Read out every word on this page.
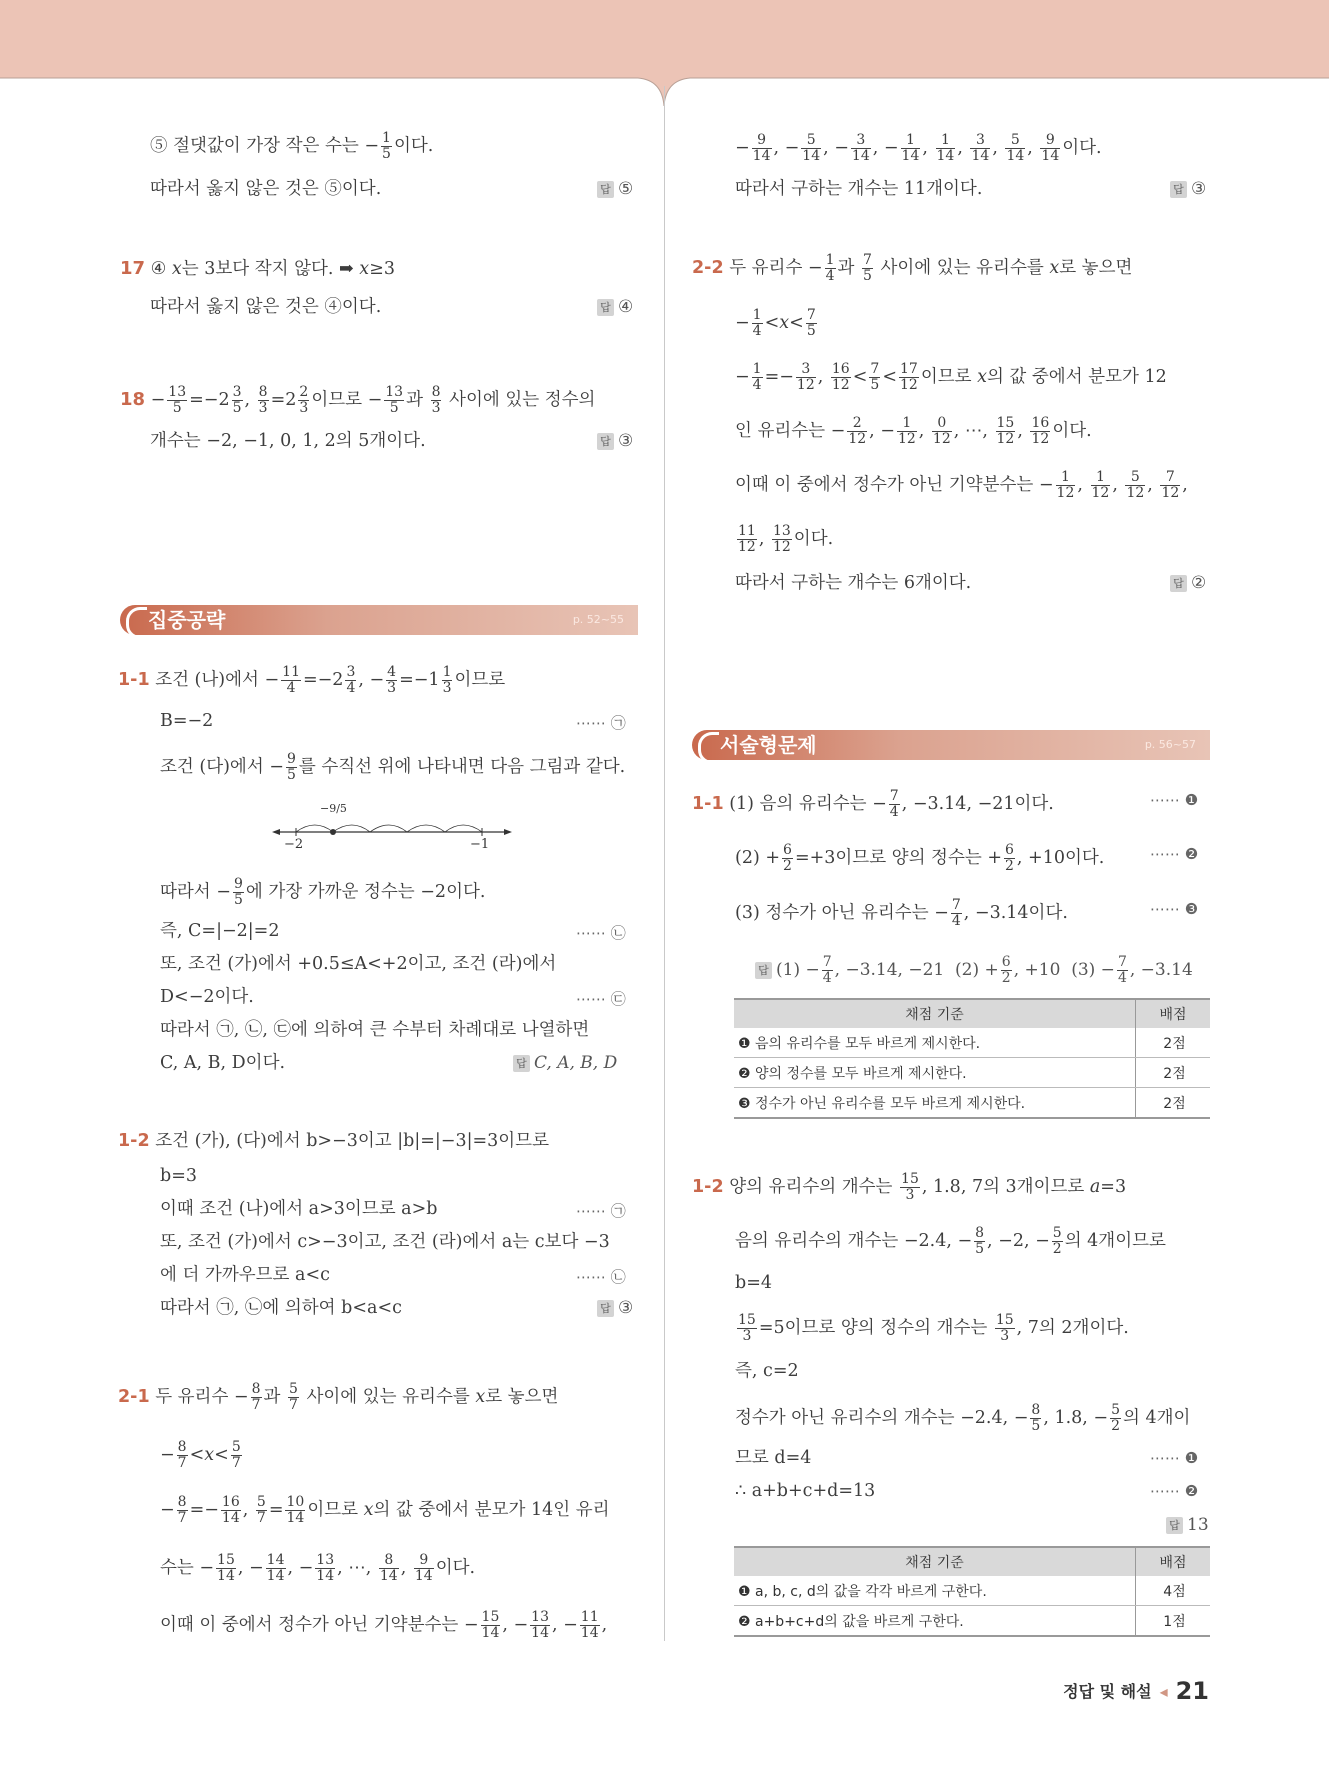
⑤ 절댓값이 가장 작은 수는 − $\frac{1}{5}$ 이다.
따라서 옳지 않은 것은 ⑤이다.	답 ⑤
17 ④ x는 3보다 작지 않다. ➡ x≥3
따라서 옳지 않은 것은 ④이다.	답 ④
$18 - \frac{13}{5} =-2 \frac{3}{5}$ , $\frac{8}{3} =2 \frac{2}{3}$ 이므로 − $\frac{13}{5}$ 과 $\frac{8}{3}$ 사이에 있는 정수의
개수는 −2, −1, 0, 1, 2의 5개이다.	답 ③
집중공략	p. 52~55
1-1 조건 (나)에서 − $\frac{11}{4} =-2 \frac{3}{4}$ , − $\frac{4}{3} =-1 \frac{1}{3}$ 이므로
B=−2	⋯⋯ ㉠
조건 (다)에서 − $\frac{9}{5}$ 를 수직선 위에 나타내면 다음 그림과 같다.
−2	−1
−9/5
따라서 − $\frac{9}{5}$ 에 가장 가까운 정수는 −2이다.
즉, C=|−2|=2	⋯⋯ ㉡
또, 조건 (가)에서 +0.5≤A<+2이고, 조건 (라)에서
D<−2이다.	⋯⋯ ㉢
따라서 ㉠, ㉡, ㉢에 의하여 큰 수부터 차례대로 나열하면
C, A, B, D이다.	답 C, A, B, D
1-2 조건 (가), (다)에서 b>−3이고 |b|=|−3|=3이므로
b=3
이때 조건 (나)에서 a>3이므로 a>b	⋯⋯ ㉠
또, 조건 (가)에서 c>−3이고, 조건 (라)에서 a는 c보다 −3
에 더 가까우므로 a<c	⋯⋯ ㉡
따라서 ㉠, ㉡에 의하여 b<a<c	답 ③
2-1 두 유리수 − $\frac{8}{7}$ 과 $\frac{5}{7}$ 사이에 있는 유리수를 x로 놓으면
− $\frac{8}{7} <x< \frac{5}{7}$
− $\frac{8}{7} =- \frac{16}{14}$ , $\frac{5}{7} = \frac{10}{14}$ 이므로 x의 값 중에서 분모가 14인 유리
수는 − $\frac{15}{14}$ , − $\frac{14}{14}$ , − $\frac{13}{14}$ , ⋯, $\frac{8}{14}$ , $\frac{9}{14}$ 이다.
이때 이 중에서 정수가 아닌 기약분수는 − $\frac{15}{14}$ , − $\frac{13}{14}$ , − $\frac{11}{14}$ ,
− $\frac{9}{14}$ , − $\frac{5}{14}$ , − $\frac{3}{14}$ , − $\frac{1}{14}$ , $\frac{1}{14}$ , $\frac{3}{14}$ , $\frac{5}{14}$ , $\frac{9}{14}$ 이다.
따라서 구하는 개수는 11개이다.	답 ③
2-2 두 유리수 − $\frac{1}{4}$ 과 $\frac{7}{5}$ 사이에 있는 유리수를 x로 놓으면
− $\frac{1}{4} <x< \frac{7}{5}$
− $\frac{1}{4} =- \frac{3}{12}$ , $\frac{16}{12} < \frac{7}{5} < \frac{17}{12}$ 이므로 x의 값 중에서 분모가 12
인 유리수는 − $\frac{2}{12}$ , − $\frac{1}{12}$ , $\frac{0}{12}$ , ⋯, $\frac{15}{12}$ , $\frac{16}{12}$ 이다.
이때 이 중에서 정수가 아닌 기약분수는 − $\frac{1}{12}$ , $\frac{1}{12}$ , $\frac{5}{12}$ , $\frac{7}{12}$ ,
$\frac{11}{12}$ , $\frac{13}{12}$ 이다.
따라서 구하는 개수는 6개이다.	답 ②
서술형문제	p. 56~57
1-1 (1) 음의 유리수는 − $\frac{7}{4}$ , −3.14, −21이다.	⋯⋯ ❶
$(2) + \frac{6}{2} =+3$이므로 양의 정수는 + $\frac{6}{2}$ , +10이다.	⋯⋯ ❷
(3) 정수가 아닌 유리수는 − $\frac{7}{4}$ , −3.14이다.	⋯⋯ ❸
답 $(1) - \frac{7}{4}$ , −3.14, −21  $(2) + \frac{6}{2}$ , +10  $(3) - \frac{7}{4}$ , −3.14
채점 기준	배점
❶ 음의 유리수를 모두 바르게 제시한다.	2점
❷ 양의 정수를 모두 바르게 제시한다.	2점
❸ 정수가 아닌 유리수를 모두 바르게 제시한다.	2점
1-2 양의 유리수의 개수는 $\frac{15}{3}$ , 1.8, 7의 3개이므로 a=3
음의 유리수의 개수는 −2.4, − $\frac{8}{5}$ , −2, − $\frac{5}{2}$ 의 4개이므로
b=4
$\frac{15}{3} =5$이므로 양의 정수의 개수는 $\frac{15}{3}$ , 7의 2개이다.
즉, c=2
정수가 아닌 유리수의 개수는 −2.4, − $\frac{8}{5}$ , 1.8, − $\frac{5}{2}$ 의 4개이
므로 d=4	⋯⋯ ❶
∴ a+b+c+d=13	⋯⋯ ❷
답 13
채점 기준	배점
❶ a, b, c, d의 값을 각각 바르게 구한다.	4점
❷ a+b+c+d의 값을 바르게 구한다.	1점
정답 및 해설 ◂ 21
